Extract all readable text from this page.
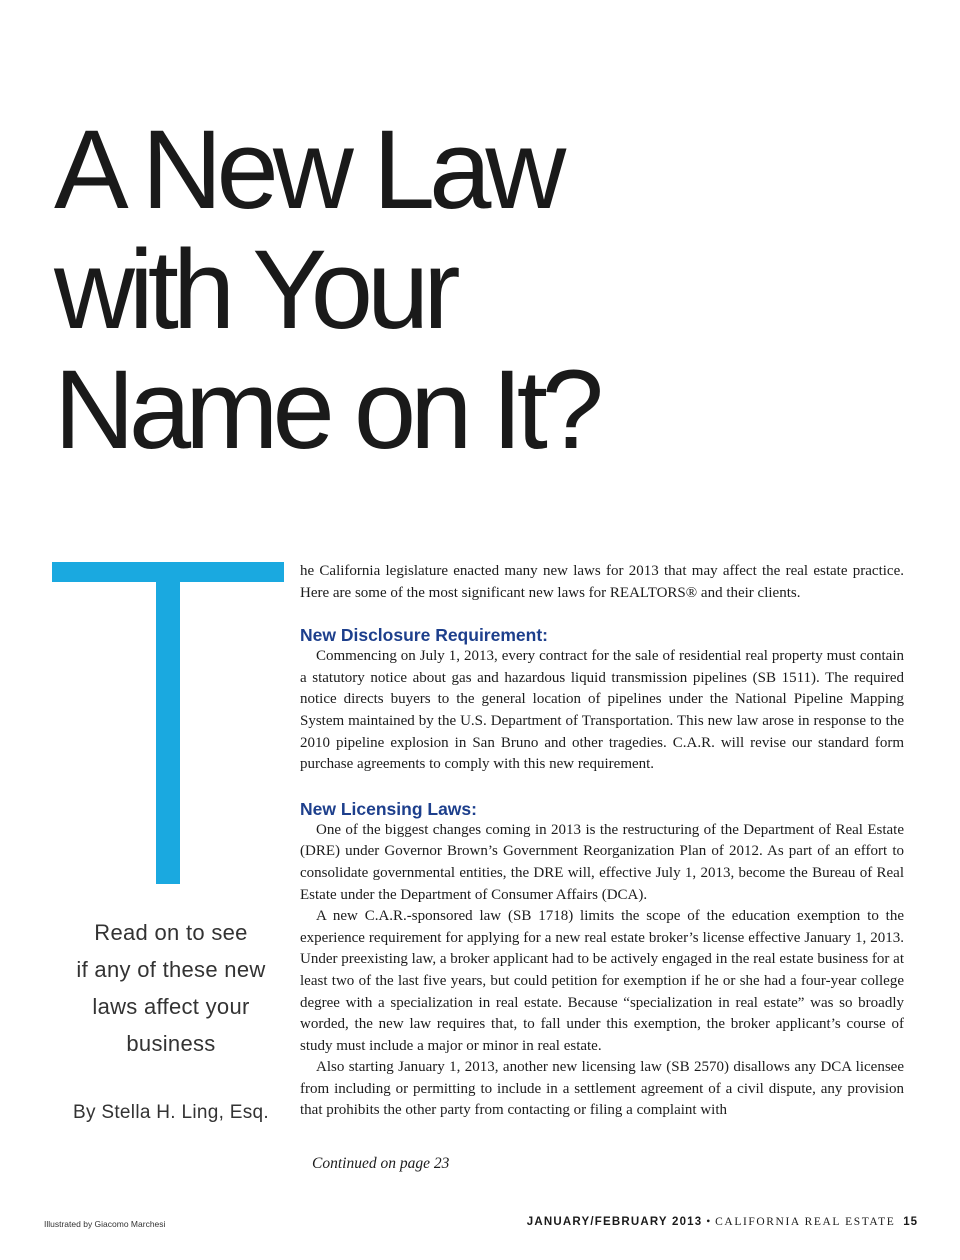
A New Law
with Your
Name on It?
Read on to see
if any of these new
laws affect your
business
By Stella H. Ling, Esq.

he California legislature enacted many new laws for 2013 that may affect the real estate practice. Here are some of the most significant new laws for REALTORS® and their clients.

New Disclosure Requirement:

Commencing on July 1, 2013, every contract for the sale of residential real property must contain a statutory notice about gas and hazardous liquid transmission pipelines (SB 1511). The required notice directs buyers to the general location of pipelines under the National Pipeline Mapping System maintained by the U.S. Department of Transportation. This new law arose in response to the 2010 pipeline explosion in San Bruno and other tragedies. C.A.R. will revise our standard form purchase agreements to comply with this new requirement.

New Licensing Laws:

One of the biggest changes coming in 2013 is the restructuring of the Department of Real Estate (DRE) under Governor Brown’s Government Reorganization Plan of 2012. As part of an effort to consolidate governmental entities, the DRE will, effective July 1, 2013, become the Bureau of Real Estate under the Department of Consumer Affairs (DCA).

A new C.A.R.-sponsored law (SB 1718) limits the scope of the education exemption to the experience requirement for applying for a new real estate broker’s license effective January 1, 2013. Under preexisting law, a broker applicant had to be actively engaged in the real estate business for at least two of the last five years, but could petition for exemption if he or she had a four-year college degree with a specialization in real estate. Because “specialization in real estate” was so broadly worded, the new law requires that, to fall under this exemption, the broker applicant’s course of study must include a major or minor in real estate.

Also starting January 1, 2013, another new licensing law (SB 2570) disallows any DCA licensee from including or permitting to include in a settlement agreement of a civil dispute, any provision that prohibits the other party from contacting or filing a complaint with

Continued on page 23
Illustrated by Giacomo Marchesi	JANUARY/FEBRUARY 2013 • CALIFORNIA REAL ESTATE 15
